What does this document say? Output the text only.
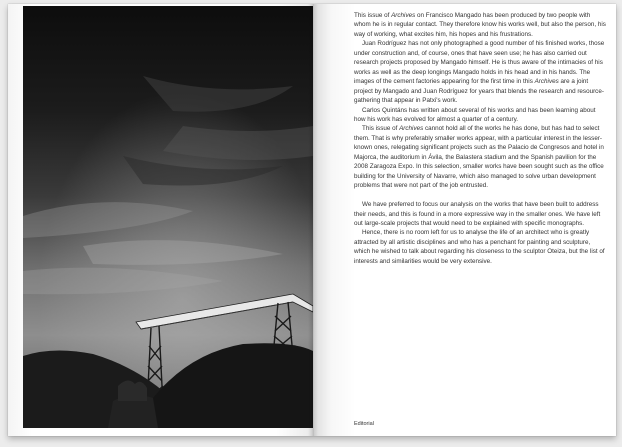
This issue of Archives on Francisco Mangado has been produced by two people with whom he is in regular contact. They therefore know his works well, but also the person, his way of working, what excites him, his hopes and his frustrations.

Juan Rodríguez has not only photographed a good number of his finished works, those under construction and, of course, ones that have seen use; he has also carried out research projects proposed by Mangado himself. He is thus aware of the intimacies of his works as well as the deep longings Mangado holds in his head and in his hands. The images of the cement factories appearing for the first time in this Archives are a joint project by Mangado and Juan Rodríguez for years that blends the research and resource-gathering that appear in Patxi's work.

Carlos Quintáns has written about several of his works and has been learning about how his work has evolved for almost a quarter of a century.

This issue of Archives cannot hold all of the works he has done, but has had to select them. That is why preferably smaller works appear, with a particular interest in the lesser-known ones, relegating significant projects such as the Palacio de Congresos and hotel in Majorca, the auditorium in Ávila, the Balastera stadium and the Spanish pavilion for the 2008 Zaragoza Expo. In this selection, smaller works have been sought such as the office building for the University of Navarre, which also managed to solve urban development problems that were not part of the job entrusted.

We have preferred to focus our analysis on the works that have been built to address their needs, and this is found in a more expressive way in the smaller ones. We have left out large-scale projects that would need to be explained with specific monographs.

Hence, there is no room left for us to analyse the life of an architect who is greatly attracted by all artistic disciplines and who has a penchant for painting and sculpture, which he wished to talk about regarding his closeness to the sculptor Oteiza, but the list of interests and similarities would be very extensive.

Editorial
